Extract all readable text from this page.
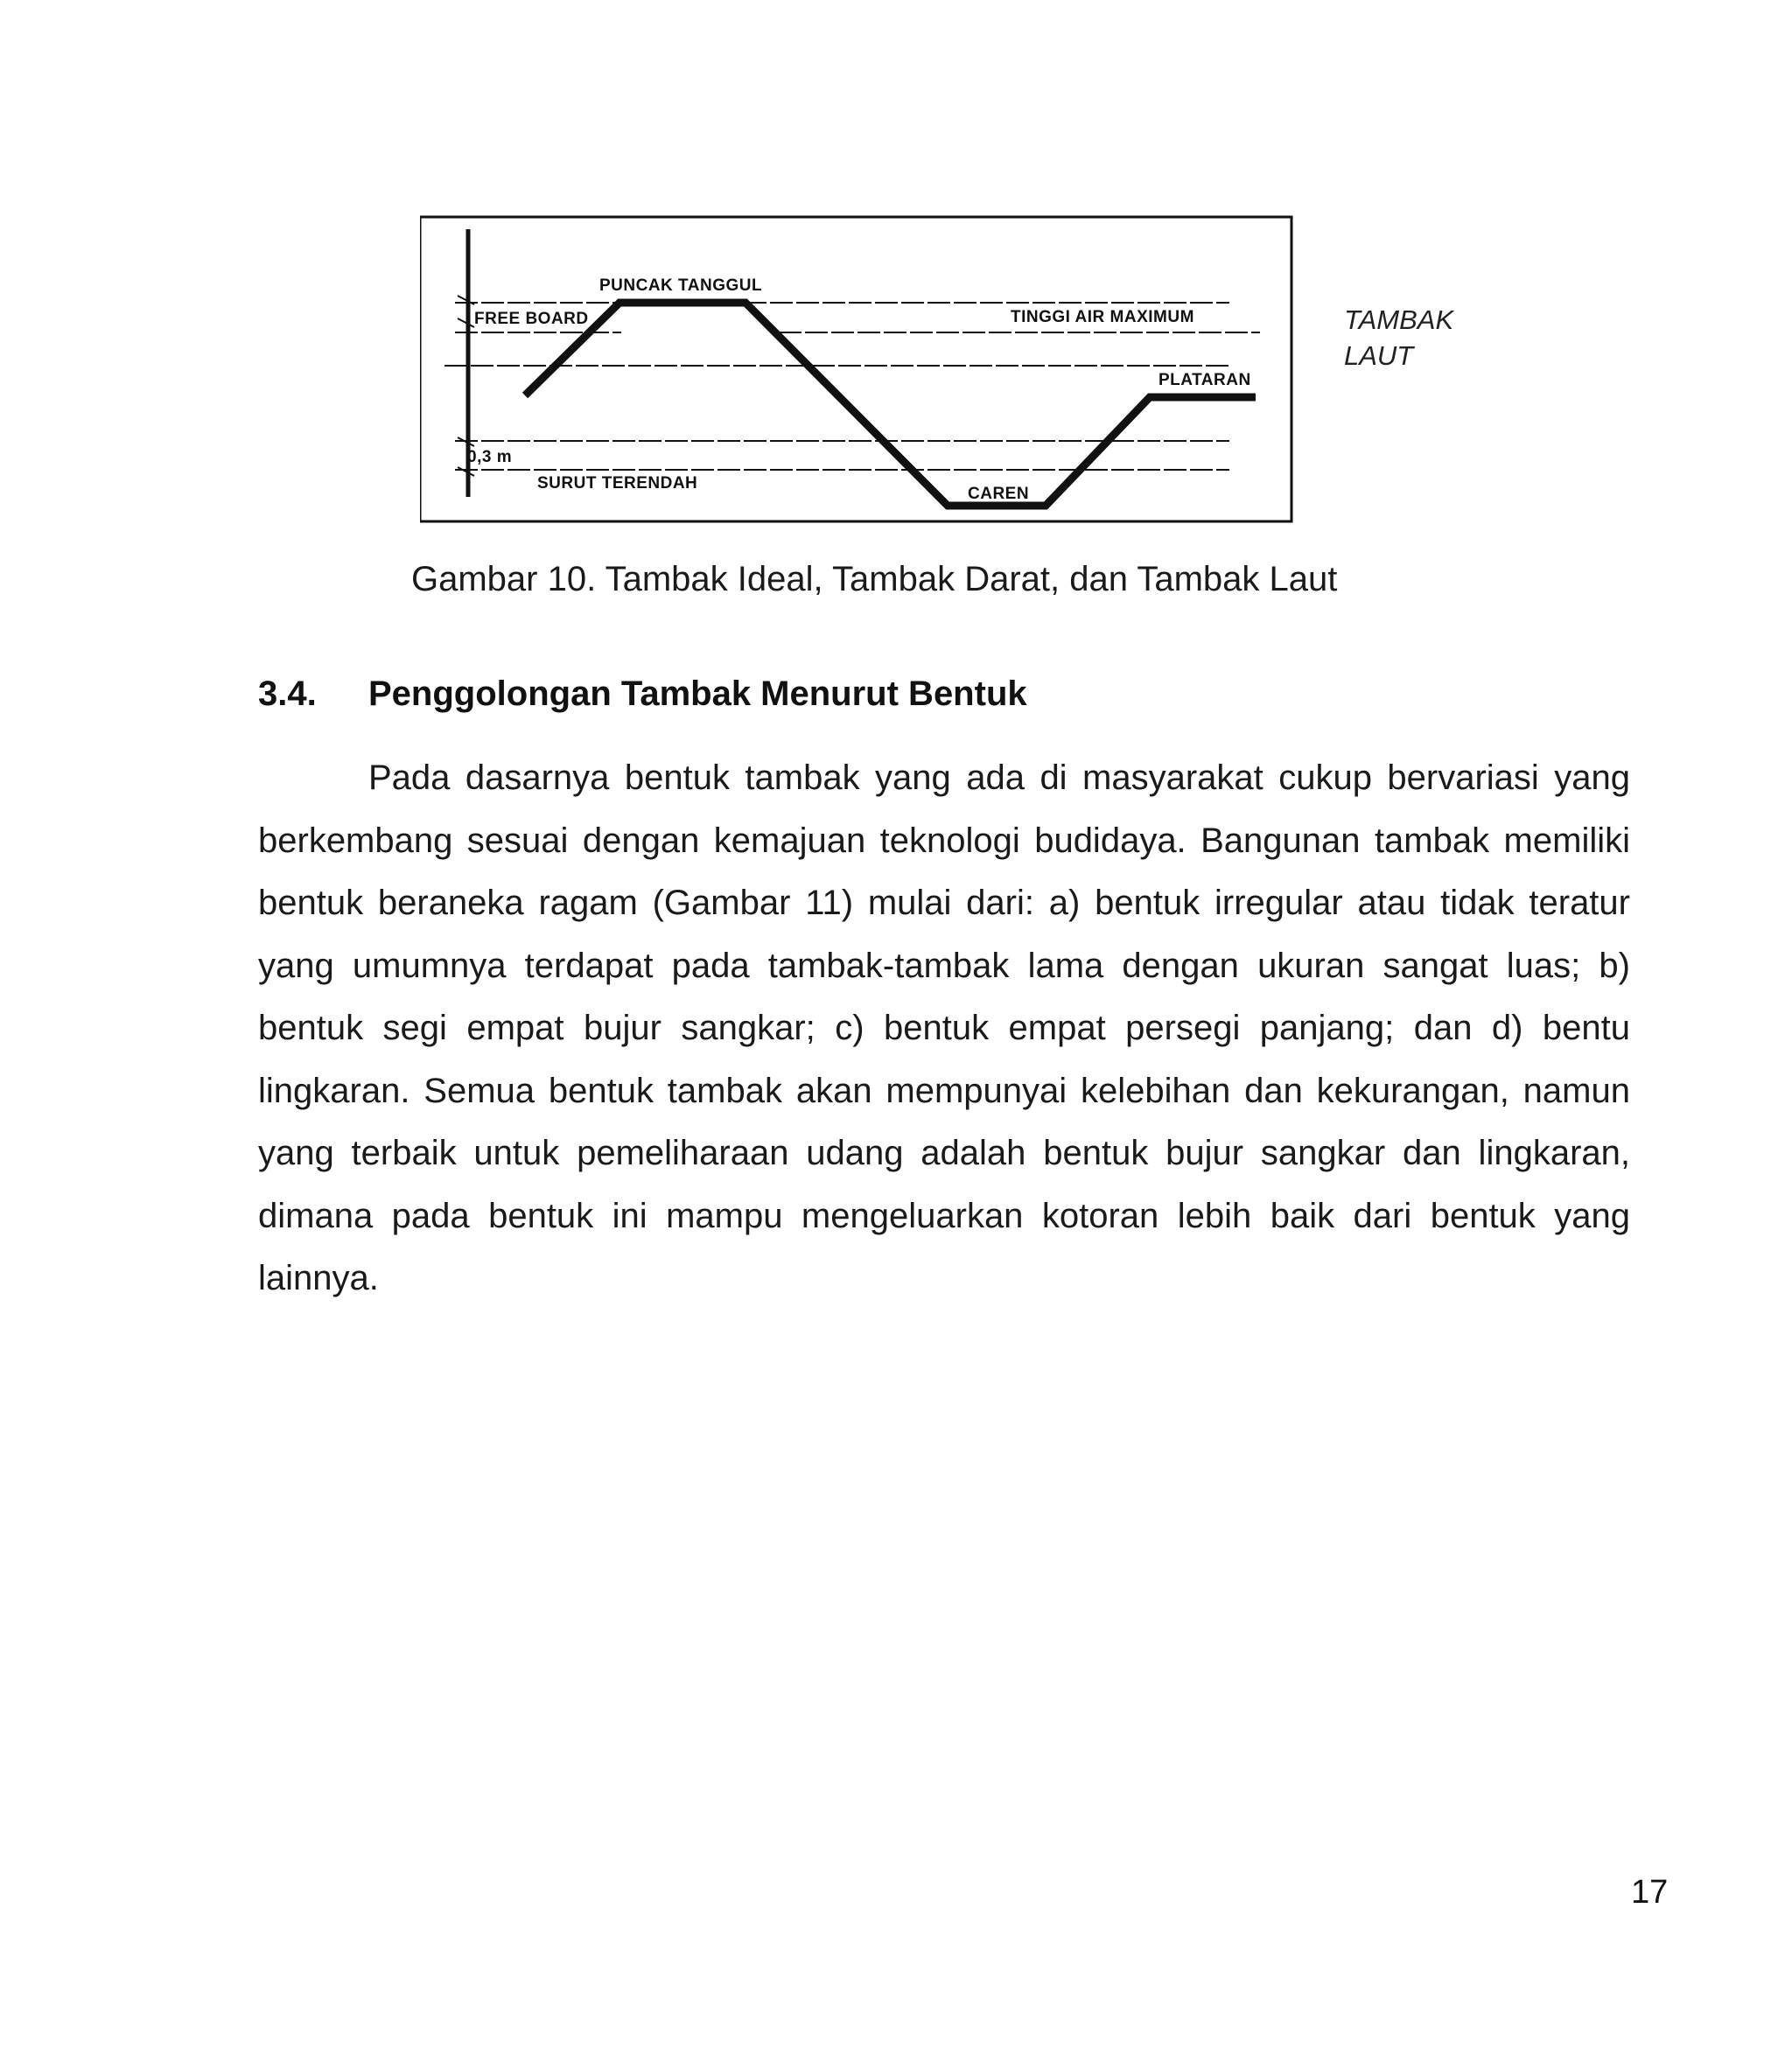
PUNCAK TANGGUL
FREE BOARD	TINGGI AIR MAXIMUM
PLATARAN
0,3 m
SURUT TERENDAH
CAREN
TAMBAK
LAUT
Gambar 10. Tambak Ideal, Tambak Darat, dan Tambak Laut
3.4. Penggolongan Tambak Menurut Bentuk
Pada dasarnya bentuk tambak yang ada di masyarakat cukup bervariasi yang berkembang sesuai dengan kemajuan teknologi budidaya. Bangunan tambak memiliki bentuk beraneka ragam (Gambar 11) mulai dari: a) bentuk irregular atau tidak teratur yang umumnya terdapat pada tambak-tambak lama dengan ukuran sangat luas; b) bentuk segi empat bujur sangkar; c) bentuk empat persegi panjang; dan d) bentu lingkaran. Semua bentuk tambak akan mempunyai kelebihan dan kekurangan, namun yang terbaik untuk pemeliharaan udang adalah bentuk bujur sangkar dan lingkaran, dimana pada bentuk ini mampu mengeluarkan kotoran lebih baik dari bentuk yang lainnya.
17
